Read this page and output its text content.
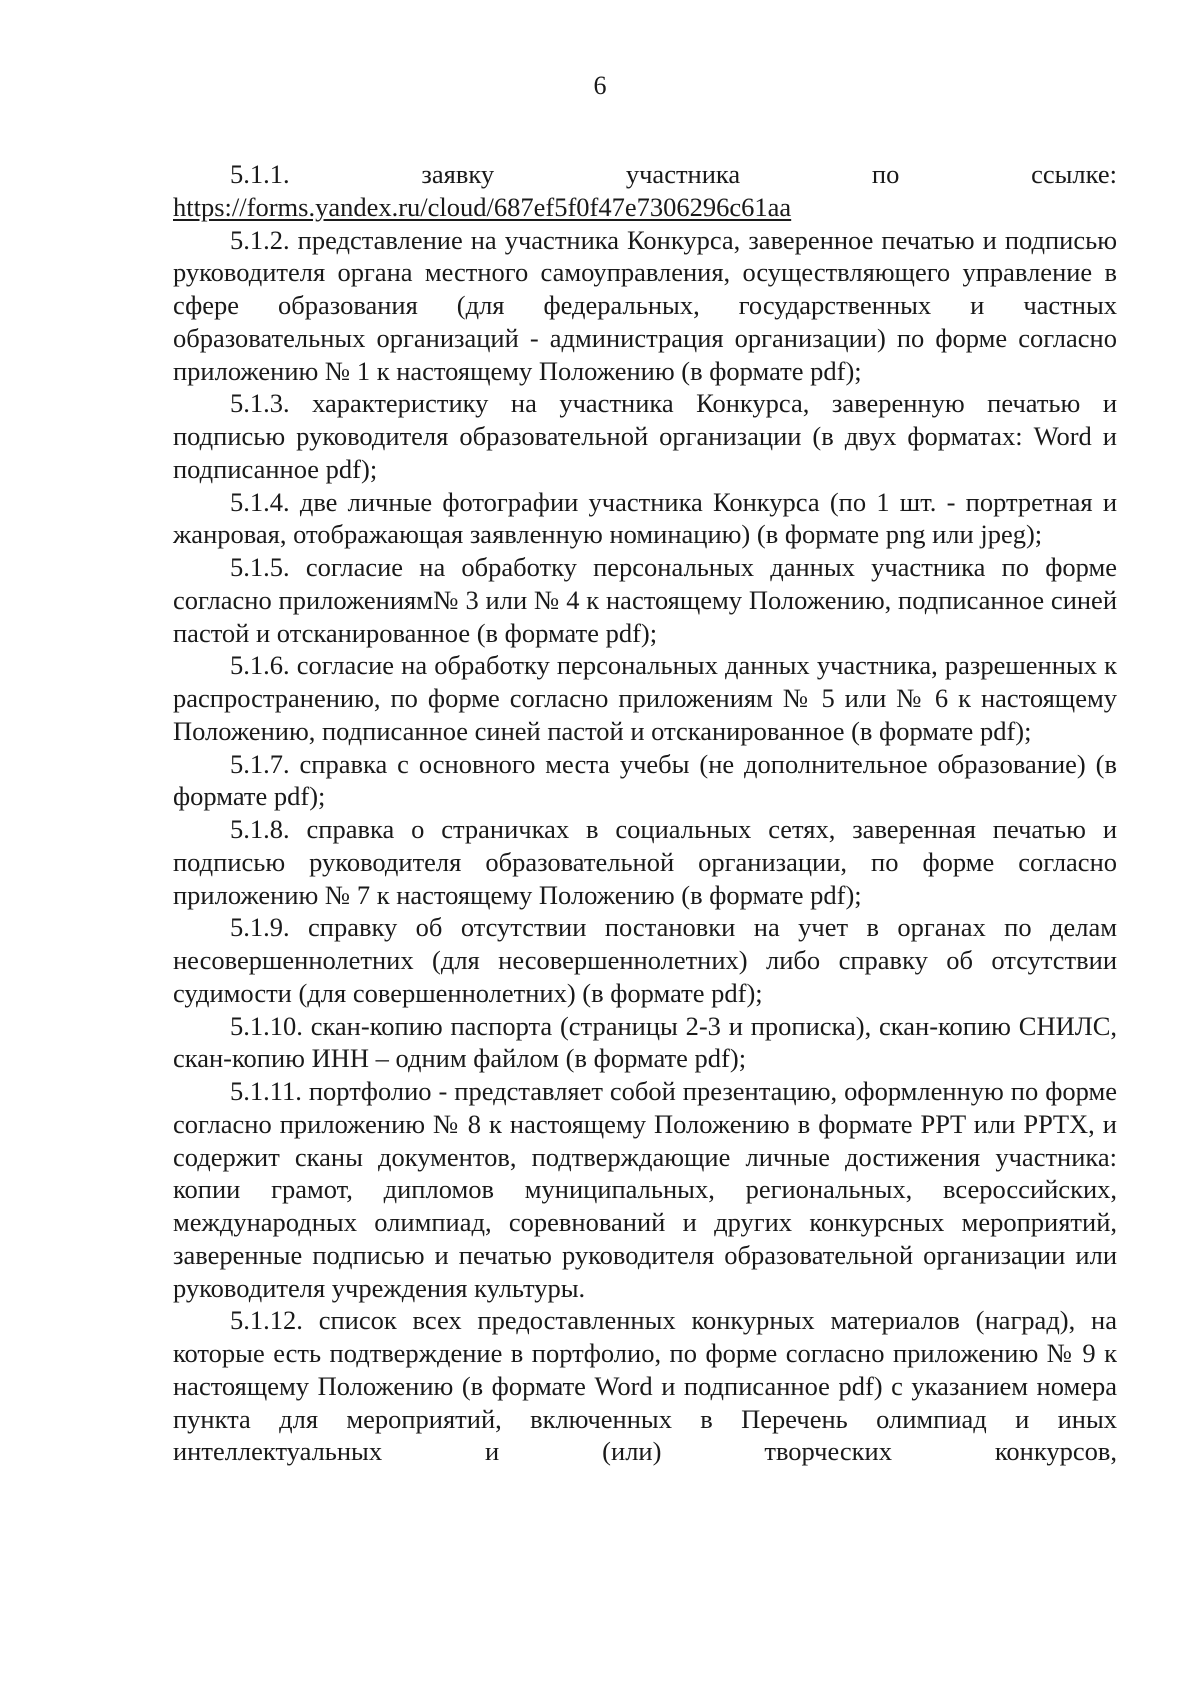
6

5.1.1.	заявку участника по ссылке:

https://forms.yandex.ru/cloud/687ef5f0f47e7306296c61aa

5.1.2. представление на участника Конкурса, заверенное печатью и подписью руководителя органа местного самоуправления, осуществляющего управление в сфере образования (для федеральных, государственных и частных образовательных организаций - администрация организации) по форме согласно приложению № 1 к настоящему Положению (в формате pdf);

5.1.3. характеристику на участника Конкурса, заверенную печатью и подписью руководителя образовательной организации (в двух форматах: Word и подписанное pdf);

5.1.4. две личные фотографии участника Конкурса (по 1 шт. - портретная и жанровая, отображающая заявленную номинацию) (в формате png или jpeg);

5.1.5. согласие на обработку персональных данных участника по форме согласно приложениям№ 3 или № 4 к настоящему Положению, подписанное синей пастой и отсканированное (в формате pdf);

5.1.6. согласие на обработку персональных данных участника, разрешенных к распространению, по форме согласно приложениям № 5 или № 6 к настоящему Положению, подписанное синей пастой и отсканированное (в формате pdf);

5.1.7. справка с основного места учебы (не дополнительное образование) (в формате pdf);

5.1.8. справка о страничках в социальных сетях, заверенная печатью и подписью руководителя образовательной организации, по форме согласно приложению № 7 к настоящему Положению (в формате pdf);

5.1.9. справку об отсутствии постановки на учет в органах по делам несовершеннолетних (для несовершеннолетних) либо справку об отсутствии судимости (для совершеннолетних) (в формате pdf);

5.1.10. скан-копию паспорта (страницы 2-3 и прописка), скан-копию СНИЛС, скан-копию ИНН – одним файлом (в формате pdf);

5.1.11. портфолио - представляет собой презентацию, оформленную по форме согласно приложению № 8 к настоящему Положению в формате PPT или PPTX, и содержит сканы документов, подтверждающие личные достижения участника: копии грамот, дипломов муниципальных, региональных, всероссийских, международных олимпиад, соревнований и других конкурсных мероприятий, заверенные подписью и печатью руководителя образовательной организации или руководителя учреждения культуры.

5.1.12. список всех предоставленных конкурных материалов (наград), на которые есть подтверждение в портфолио, по форме согласно приложению № 9 к настоящему Положению (в формате Word и подписанное pdf) с указанием номера пункта для мероприятий, включенных в Перечень олимпиад и иных интеллектуальных и (или) творческих конкурсов,
